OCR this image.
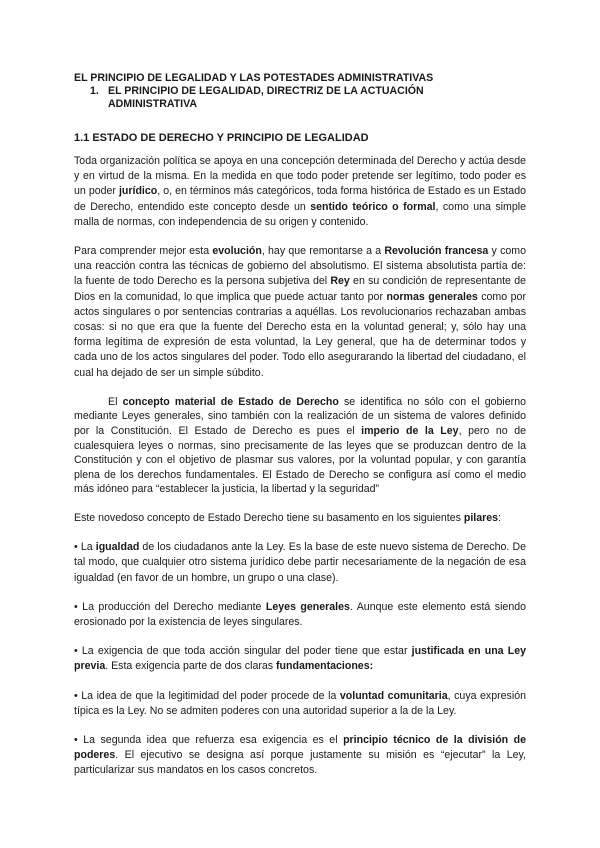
EL PRINCIPIO DE LEGALIDAD Y LAS POTESTADES ADMINISTRATIVAS

1. EL PRINCIPIO DE LEGALIDAD, DIRECTRIZ DE LA ACTUACIÓN
ADMINISTRATIVA
1.1 ESTADO DE DERECHO Y PRINCIPIO DE LEGALIDAD

Toda organización política se apoya en una concepción determinada del Derecho y actúa desde y en virtud de la misma. En la medida en que todo poder pretende ser legítimo, todo poder es un poder jurídico, o, en términos más categóricos, toda forma histórica de Estado es un Estado de Derecho, entendido este concepto desde un sentido teórico o formal, como una simple malla de normas, con independencia de su origen y contenido.

Para comprender mejor esta evolución, hay que remontarse a a Revolución francesa y como una reacción contra las técnicas de gobierno del absolutismo. El sistema absolutista partía de: la fuente de todo Derecho es la persona subjetiva del Rey en su condición de representante de Dios en la comunidad, lo que implica que puede actuar tanto por normas generales como por actos singulares o por sentencias contrarias a aquéllas. Los revolucionarios rechazaban ambas cosas: si no que era que la fuente del Derecho esta en la voluntad general; y, sólo hay una forma legítima de expresión de esta voluntad, la Ley general, que ha de determinar todos y cada uno de los actos singulares del poder. Todo ello asegurarando la libertad del ciudadano, el cual ha dejado de ser un simple súbdito.

El concepto material de Estado de Derecho se identifica no sólo con el gobierno mediante Leyes generales, sino también con la realización de un sistema de valores definido por la Constitución. El Estado de Derecho es pues el imperio de la Ley, pero no de cualesquiera leyes o normas, sino precisamente de las leyes que se produzcan dentro de la Constitución y con el objetivo de plasmar sus valores, por la voluntad popular, y con garantía plena de los derechos fundamentales. El Estado de Derecho se configura así como el medio más idóneo para “establecer la justicia, la libertad y la seguridad”

Este novedoso concepto de Estado Derecho tiene su basamento en los siguientes pilares:

• La igualdad de los ciudadanos ante la Ley. Es la base de este nuevo sistema de Derecho. De tal modo, que cualquier otro sistema jurídico debe partir necesariamente de la negación de esa igualdad (en favor de un hombre, un grupo o una clase).

• La producción del Derecho mediante Leyes generales. Aunque este elemento está siendo erosionado por la existencia de leyes singulares.

• La exigencia de que toda acción singular del poder tiene que estar justificada en una Ley previa. Esta exigencia parte de dos claras fundamentaciones:

• La idea de que la legitimidad del poder procede de la voluntad comunitaria, cuya expresión típica es la Ley. No se admiten poderes con una autoridad superior a la de la Ley.

• La segunda idea que refuerza esa exigencia es el principio técnico de la división de poderes. El ejecutivo se designa así porque justamente su misión es “ejecutar” la Ley, particularizar sus mandatos en los casos concretos.
